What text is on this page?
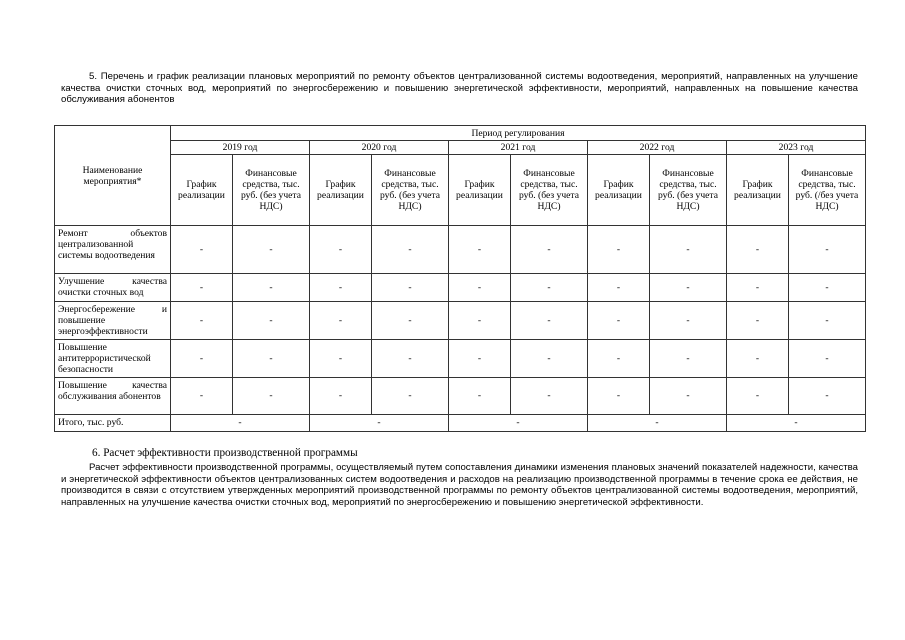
5. Перечень и график реализации плановых мероприятий по ремонту объектов централизованной системы водоотведения, мероприятий, направленных на улучшение качества очистки сточных вод, мероприятий по энергосбережению и повышению энергетической эффективности, мероприятий, направленных на повышение качества обслуживания абонентов
Наименование мероприятия*	Период регулирования									
	2019 год		2020 год		2021 год		2022 год		2023 год	
	График реализации	Финансовые средства, тыс. руб. (без учета НДС)	График реализации	Финансовые средства, тыс. руб. (без учета НДС)	График реализации	Финансовые средства, тыс. руб. (без учета НДС)	График реализации	Финансовые средства, тыс. руб. (без учета НДС)	График реализации	Финансовые средства, тыс. руб. (/без учета НДС)
Ремонт объектов централизованной системы водоотведения	-	-	-	-	-	-	-	-	-	-
Улучшение качества очистки сточных вод	-	-	-	-	-	-	-	-	-	-
Энергосбережение и повышение энергоэффективности	-	-	-	-	-	-	-	-	-	-
Повышение антитеррористической безопасности	-	-	-	-	-	-	-	-	-	-
Повышение качества обслуживания абонентов	-	-	-	-	-	-	-	-	-	-
Итого, тыс. руб.	-		-		-		-		-	
6. Расчет эффективности производственной программы
Расчет эффективности производственной программы, осуществляемый путем сопоставления динамики изменения плановых значений показателей надежности, качества и энергетической эффективности объектов централизованных систем водоотведения и расходов на реализацию производственной программы в течение срока ее действия, не производится в связи с отсутствием утвержденных мероприятий производственной программы по ремонту объектов централизованной системы водоотведения, мероприятий, направленных на улучшение качества очистки сточных вод, мероприятий по энергосбережению и повышению энергетической эффективности.
